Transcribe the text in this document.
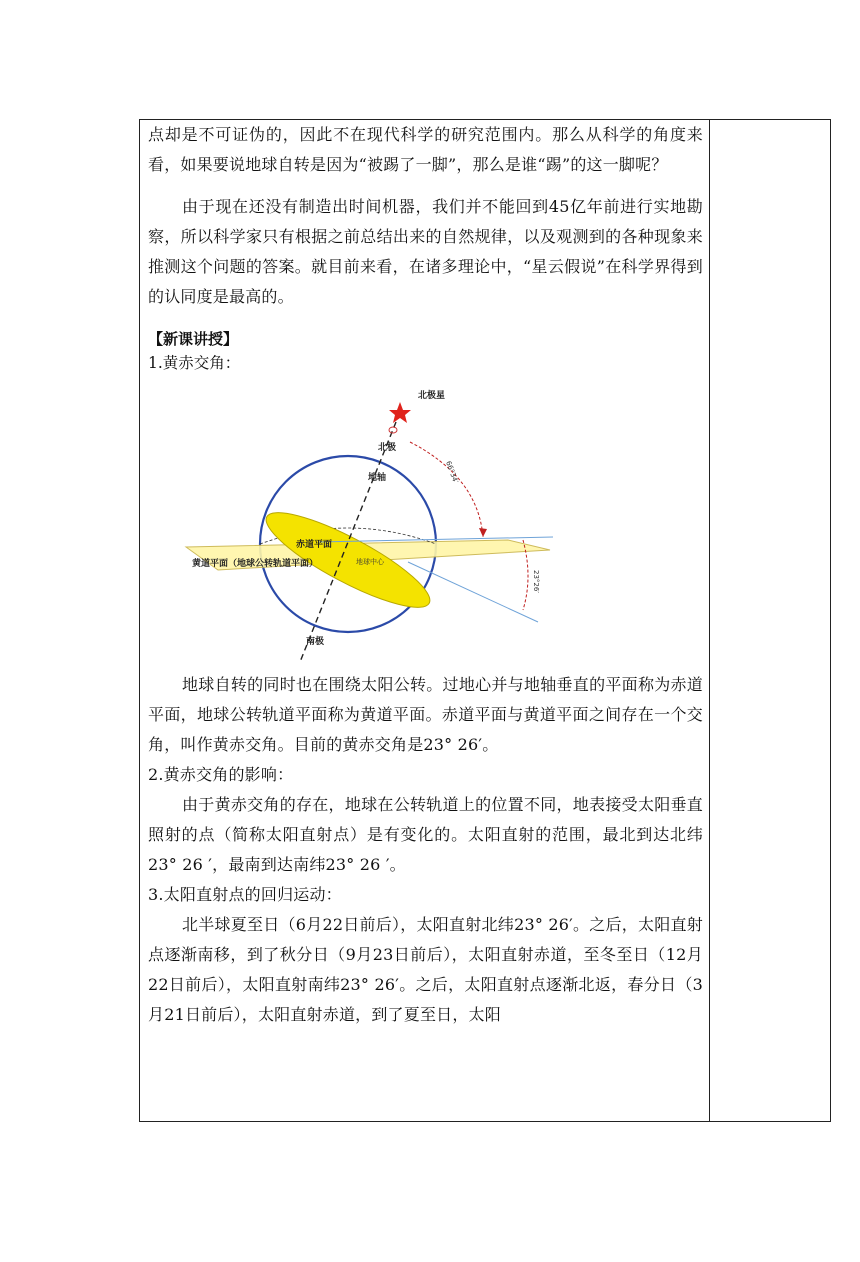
点却是不可证伪的，因此不在现代科学的研究范围内。那么从科学的角度来看，如果要说地球自转是因为“被踢了一脚”，那么是谁“踢”的这一脚呢？

由于现在还没有制造出时间机器，我们并不能回到45亿年前进行实地勘察，所以科学家只有根据之前总结出来的自然规律，以及观测到的各种现象来推测这个问题的答案。就目前来看，在诸多理论中，“星云假说”在科学界得到的认同度是最高的。

【新课讲授】
1.黄赤交角：
北极星
北极
地轴	66°34′
赤道平面
地球中心
黄道平面（地球公转轨道平面）
23°26′
南极

地球自转的同时也在围绕太阳公转。过地心并与地轴垂直的平面称为赤道平面，地球公转轨道平面称为黄道平面。赤道平面与黄道平面之间存在一个交角，叫作黄赤交角。目前的黄赤交角是23° 26′。

2.黄赤交角的影响：

由于黄赤交角的存在，地球在公转轨道上的位置不同，地表接受太阳垂直照射的点（简称太阳直射点）是有变化的。太阳直射的范围，最北到达北纬23° 26 ′，最南到达南纬23° 26 ′。

3.太阳直射点的回归运动：

北半球夏至日（6月22日前后），太阳直射北纬23° 26′。之后，太阳直射点逐渐南移，到了秋分日（9月23日前后），太阳直射赤道，至冬至日（12月22日前后），太阳直射南纬23° 26′。之后，太阳直射点逐渐北返，春分日（3月21日前后），太阳直射赤道，到了夏至日，太阳
